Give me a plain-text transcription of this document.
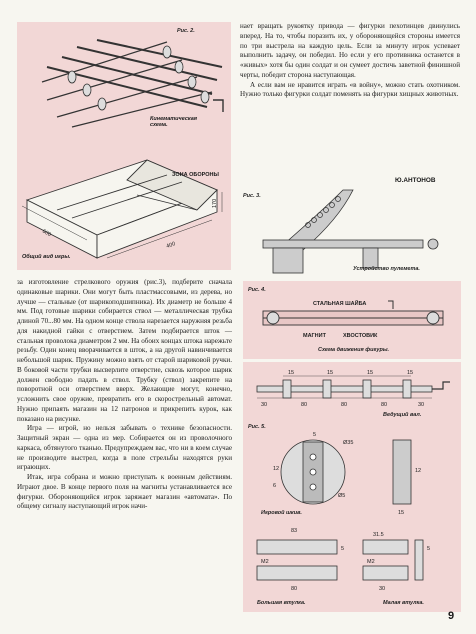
Рис. 2.
Кинематическая схема.
600
400
170
ЗОНА ОБОРОНЫ
Общий вид игры.

нает вращать рукоятку привода — фигурки пехотинцев двинулись вперед. На то, чтобы поразить их, у обороняющейся стороны имеется по три выстрела на каждую цель. Если за минуту игрок успевает выполнить задачу, он победил. Но если у его противника останется в «живых» хотя бы один солдат и он сумеет достичь заветной финишной черты, победит сторона наступающая.

А если вам не нравится играть «в войну», можно стать охотником. Нужно только фигурки солдат поменять на фигурки хищных животных.

Ю.АНТОНОВ
Рис. 3.
Устройство пулемета.
Рис. 4.
СТАЛЬНАЯ ШАЙБА
МАГНИТ	ХВОСТОВИК
Схема движения фигуры.
15	15	15	15
30	80	80	80	30
Ведущий вал.
Рис. 5.
5
Ø35
12
6
Ø5
15
12
Игровой шкив.
83
M2
80
5
31.5
M2
30
5
Большая втулка.	Малая втулка.

за изготовление стрелкового оружия (рис.3), подберите сначала одинаковые шарики. Они могут быть пластмассовыми, из дерева, но лучше — стальные (от шарикоподшипника). Их диаметр не больше 4 мм. Под готовые шарики собирается ствол — металлическая трубка длиной 70...80 мм. На одном конце ствола нарезается наружняя резьба для накидной гайки с отверстием. Затем подбирается шток — стальная проволока диаметром 2 мм. На обоих концах штока нарежьте резьбу. Один конец вворачивается в шток, а на другой навинчивается небольшой шарик. Пружину можно взять от старой шариковой ручки. В боковой части трубки высверлите отверстие, сквозь которое шарик должен свободно падать в ствол. Трубку (ствол) закрепите на поворотной оси отверстием вверх. Желающие могут, конечно, усложнить свое оружие, превратить его в скорострельный автомат. Нужно припаять магазин на 12 патронов и прикрепить курок, как показано на рисунке.

Игра — игрой, но нельзя забывать о технике безопасности. Защитный экран — одна из мер. Собирается он из проволочного каркаса, обтянутого тканью. Предупреждаем вас, что ни в коем случае не производите выстрел, когда в поле стрельбы находятся руки играющих.

Итак, игра собрана и можно приступать к военным действиям. Играют двое. В конце первого поля на магниты устанавливается все фигурки. Обороняющийся игрок заряжает магазин «автомата». По общему сигналу наступающий игрок начи-

9
